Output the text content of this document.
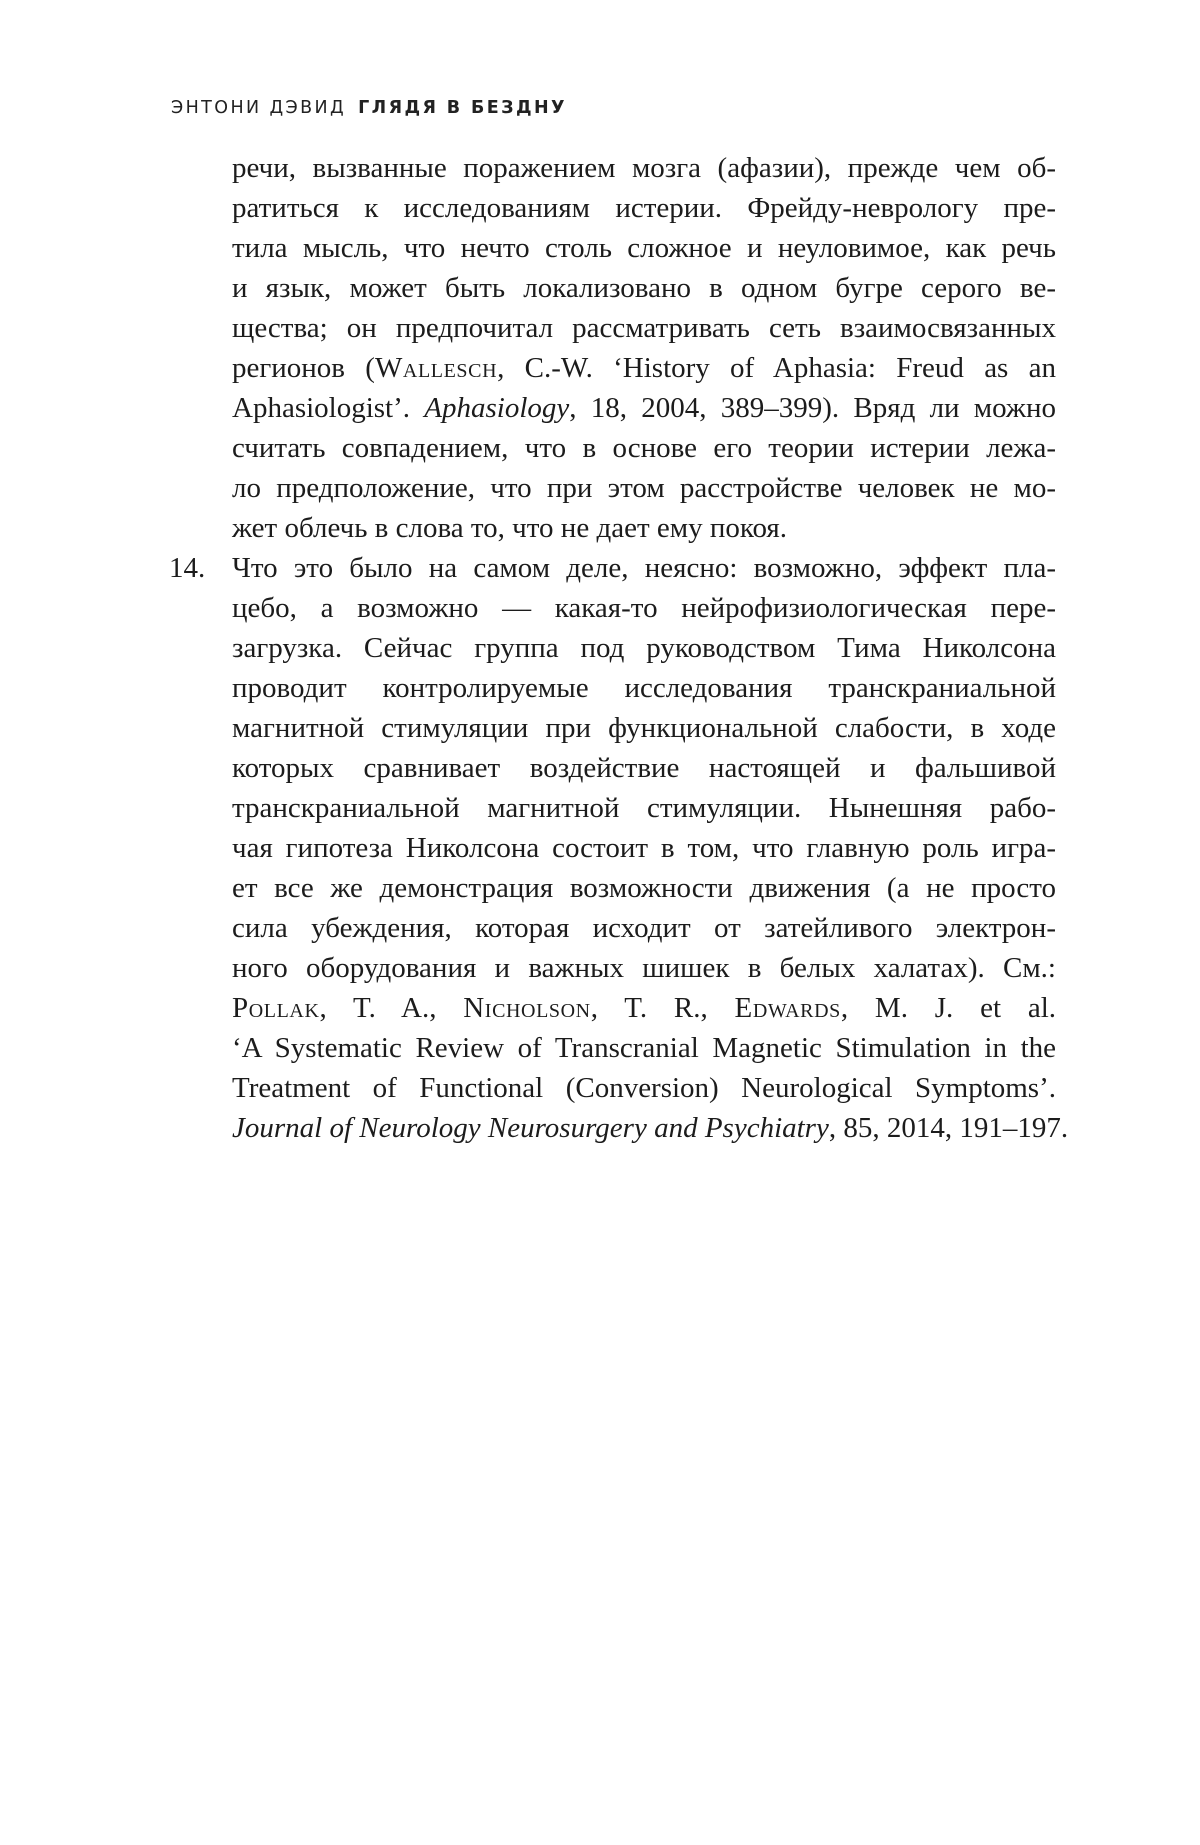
ЭНТОНИ ДЭВИД ГЛЯДЯ В БЕЗДНУ
речи, вызванные поражением мозга (афазии), прежде чем об-
ратиться к исследованиям истерии. Фрейду-неврологу пре-
тила мысль, что нечто столь сложное и неуловимое, как речь
и язык, может быть локализовано в одном бугре серого ве-
щества; он предпочитал рассматривать сеть взаимосвязанных
регионов (Wallesch, C.-W. ‘History of Aphasia: Freud as an
Aphasiologist’. Aphasiology, 18, 2004, 389–399). Вряд ли можно
считать совпадением, что в основе его теории истерии лежа-
ло предположение, что при этом расстройстве человек не мо-
жет облечь в слова то, что не дает ему покоя.
14. Что это было на самом деле, неясно: возможно, эффект пла-
цебо, а возможно — какая-то нейрофизиологическая пере-
загрузка. Сейчас группа под руководством Тима Николсона
проводит контролируемые исследования транскраниальной
магнитной стимуляции при функциональной слабости, в ходе
которых сравнивает воздействие настоящей и фальшивой
транскраниальной магнитной стимуляции. Нынешняя рабо-
чая гипотеза Николсона состоит в том, что главную роль игра-
ет все же демонстрация возможности движения (а не просто
сила убеждения, которая исходит от затейливого электрон-
ного оборудования и важных шишек в белых халатах). См.:
Pollak, T. A., Nicholson, T. R., Edwards, M. J. et al.
‘A Systematic Review of Transcranial Magnetic Stimulation in the
Treatment of Functional (Conversion) Neurological Symptoms’.
Journal of Neurology Neurosurgery and Psychiatry, 85, 2014, 191–197.
